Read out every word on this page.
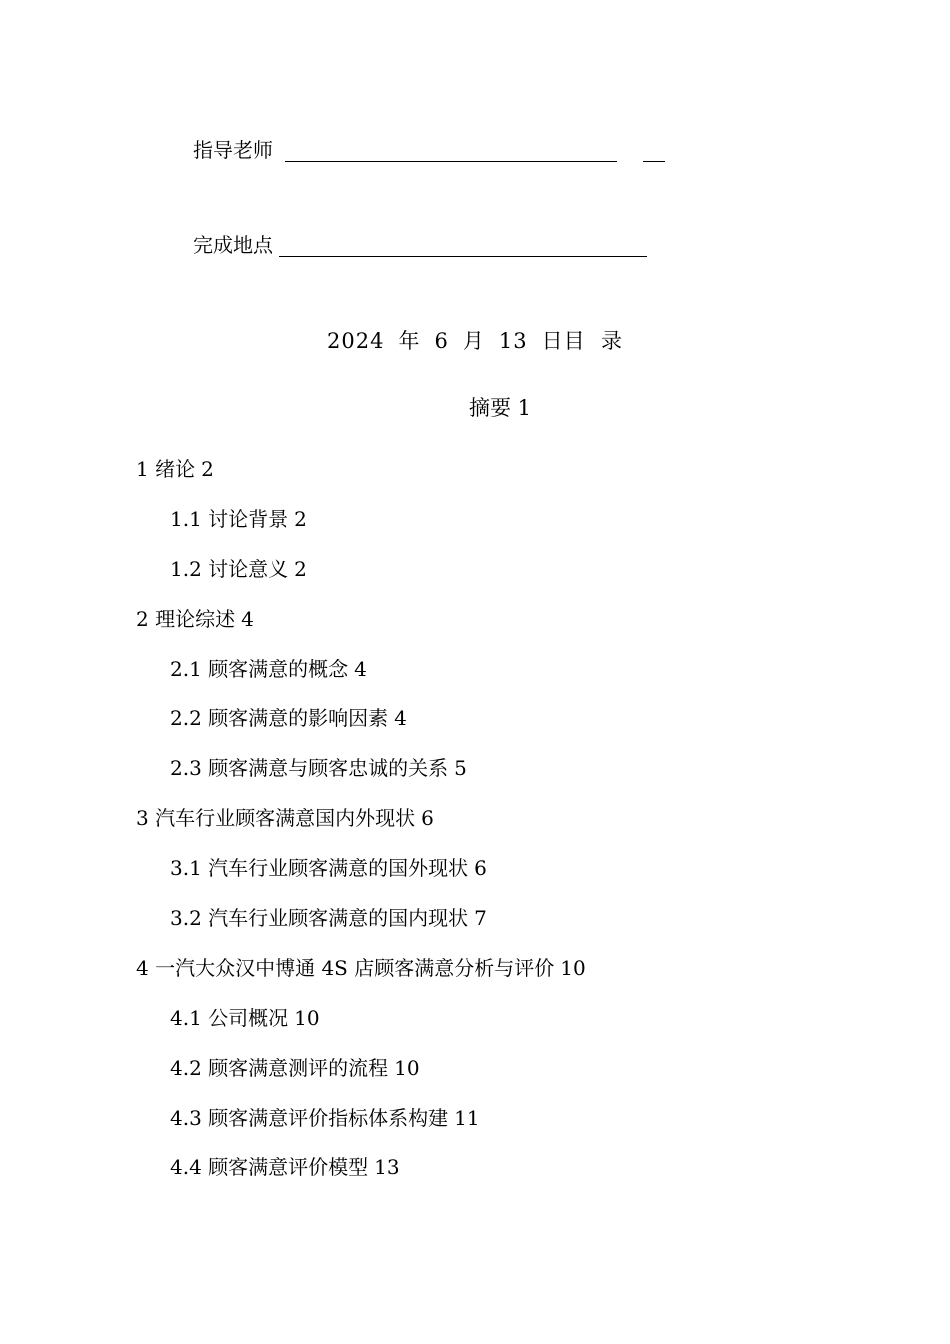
指导老师
完成地点
2024 年 6 月 13 日目  录
摘要 1
1 绪论 2
1.1 讨论背景 2
1.2 讨论意义 2
2 理论综述 4
2.1 顾客满意的概念 4
2.2 顾客满意的影响因素 4
2.3 顾客满意与顾客忠诚的关系 5
3 汽车行业顾客满意国内外现状 6
3.1 汽车行业顾客满意的国外现状 6
3.2 汽车行业顾客满意的国内现状 7
4 一汽大众汉中博通 4S 店顾客满意分析与评价 10
4.1 公司概况 10
4.2 顾客满意测评的流程 10
4.3 顾客满意评价指标体系构建 11
4.4 顾客满意评价模型 13
